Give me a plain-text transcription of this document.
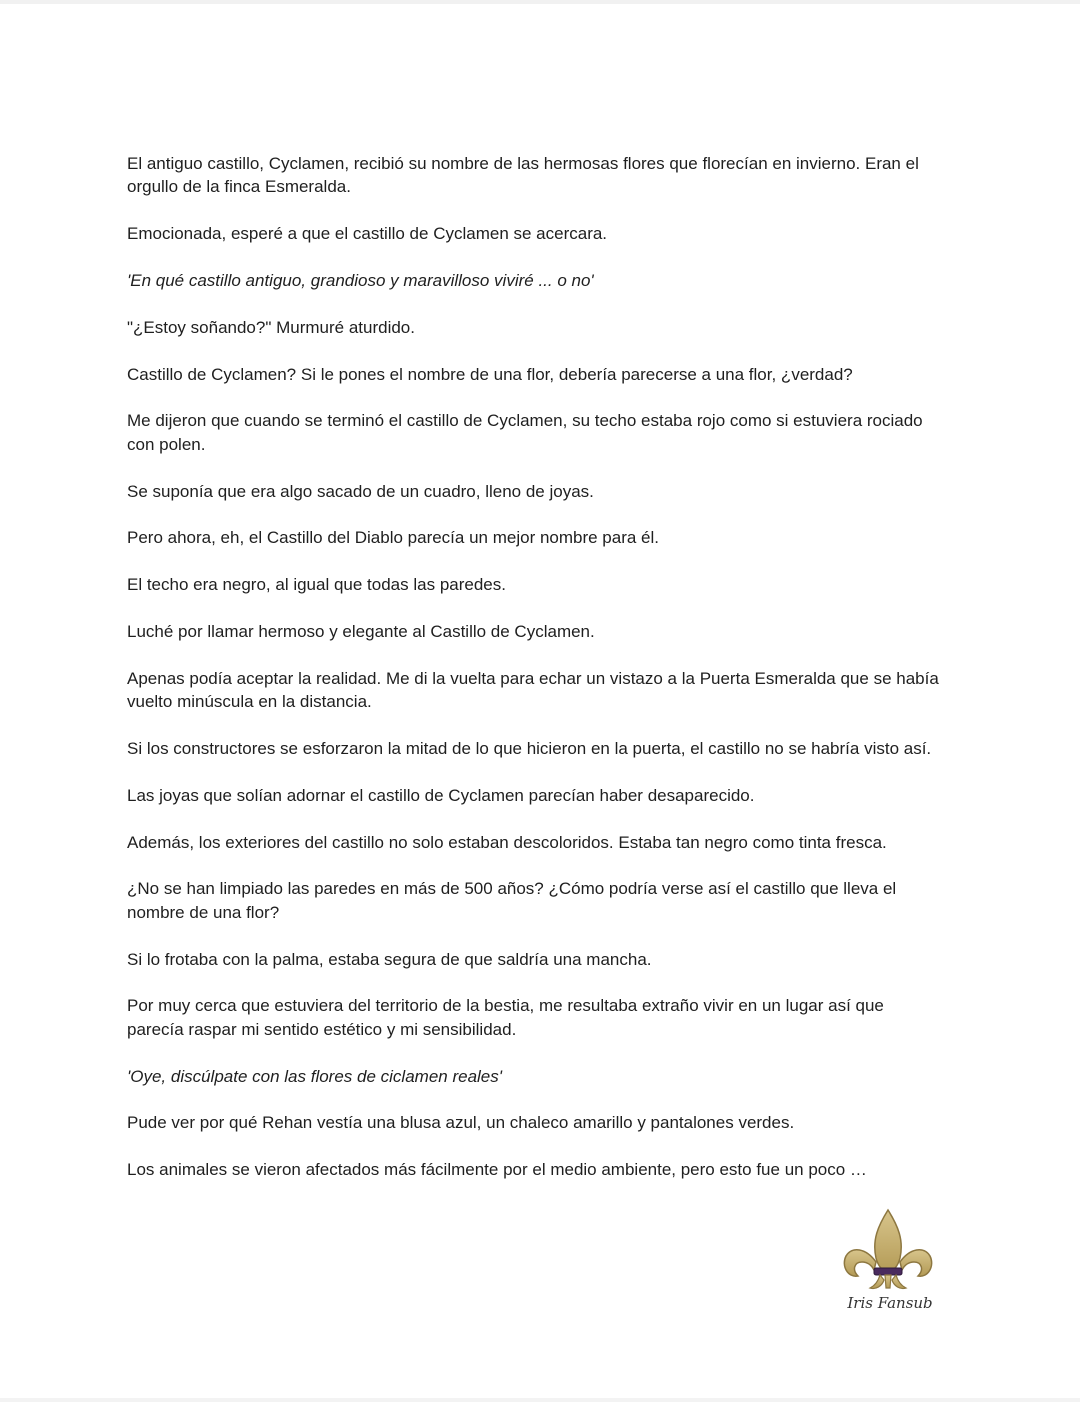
El antiguo castillo, Cyclamen, recibió su nombre de las hermosas flores que florecían en invierno. Eran el orgullo de la finca Esmeralda.

Emocionada, esperé a que el castillo de Cyclamen se acercara.

'En qué castillo antiguo, grandioso y maravilloso viviré ... o no'

"¿Estoy soñando?" Murmuré aturdido.

Castillo de Cyclamen? Si le pones el nombre de una flor, debería parecerse a una flor, ¿verdad?

Me dijeron que cuando se terminó el castillo de Cyclamen, su techo estaba rojo como si estuviera rociado con polen.

Se suponía que era algo sacado de un cuadro, lleno de joyas.

Pero ahora, eh, el Castillo del Diablo parecía un mejor nombre para él.

El techo era negro, al igual que todas las paredes.

Luché por llamar hermoso y elegante al Castillo de Cyclamen.

Apenas podía aceptar la realidad. Me di la vuelta para echar un vistazo a la Puerta Esmeralda que se había vuelto minúscula en la distancia.

Si los constructores se esforzaron la mitad de lo que hicieron en la puerta, el castillo no se habría visto así.

Las joyas que solían adornar el castillo de Cyclamen parecían haber desaparecido.

Además, los exteriores del castillo no solo estaban descoloridos. Estaba tan negro como tinta fresca.

¿No se han limpiado las paredes en más de 500 años? ¿Cómo podría verse así el castillo que lleva el nombre de una flor?

Si lo frotaba con la palma, estaba segura de que saldría una mancha.

Por muy cerca que estuviera del territorio de la bestia, me resultaba extraño vivir en un lugar así que parecía raspar mi sentido estético y mi sensibilidad.

'Oye, discúlpate con las flores de ciclamen reales'

Pude ver por qué Rehan vestía una blusa azul, un chaleco amarillo y pantalones verdes.

Los animales se vieron afectados más fácilmente por el medio ambiente, pero esto fue un poco …

Iris Fansub
